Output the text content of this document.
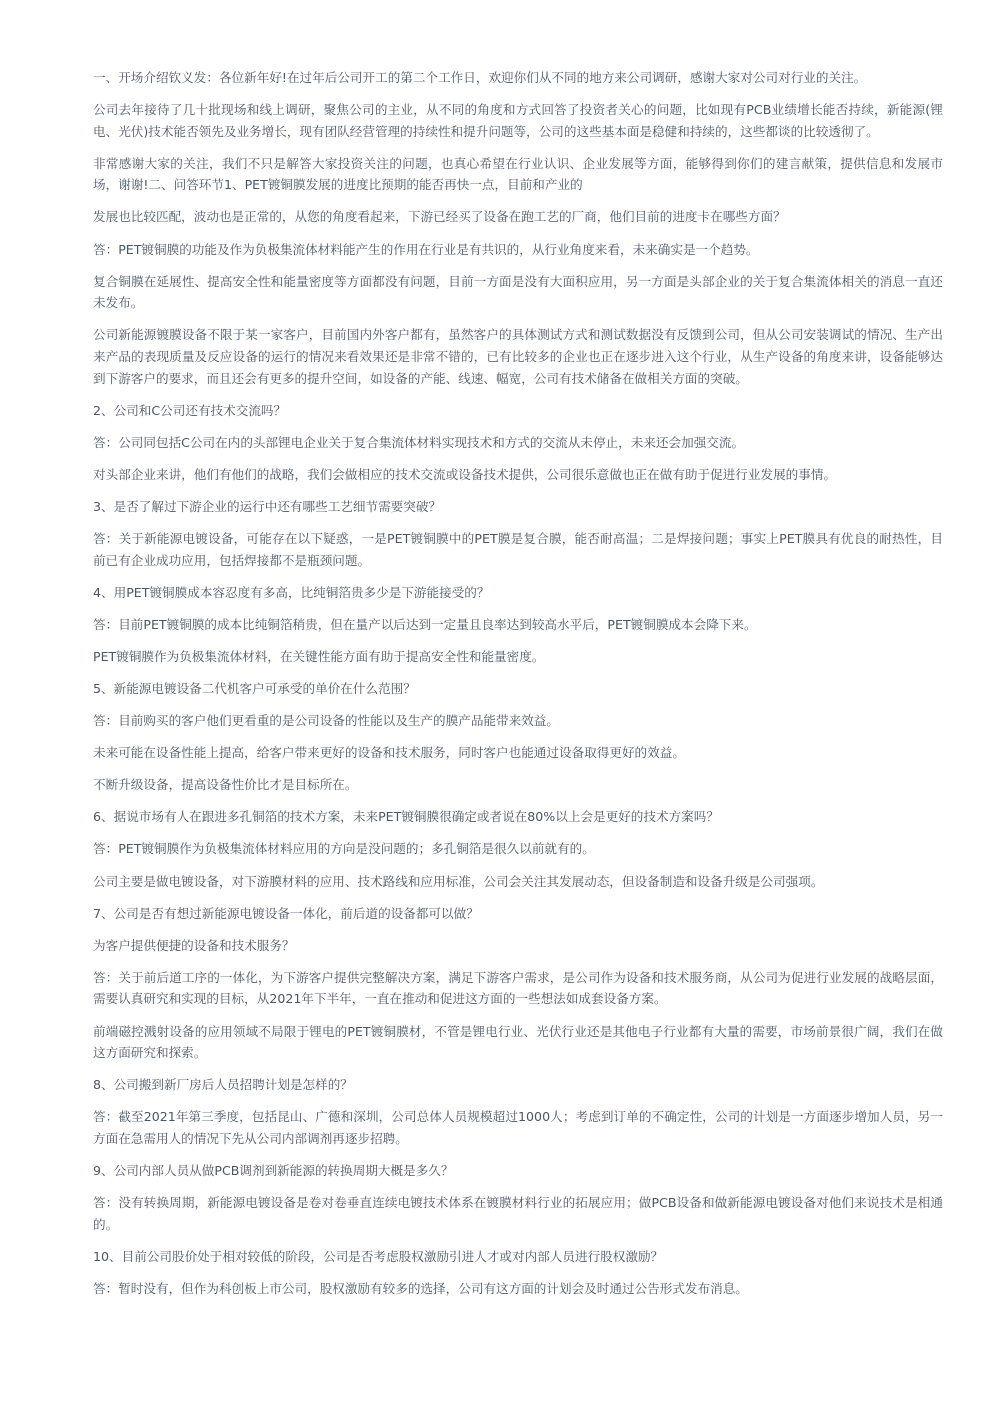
一、开场介绍钦义发：各位新年好!在过年后公司开工的第二个工作日，欢迎你们从不同的地方来公司调研，感谢大家对公司对行业的关注。

公司去年接待了几十批现场和线上调研，聚焦公司的主业，从不同的角度和方式回答了投资者关心的问题，比如现有PCB业绩增长能否持续，新能源(锂电、光伏)技术能否领先及业务增长，现有团队经营管理的持续性和提升问题等，公司的这些基本面是稳健和持续的，这些都谈的比较透彻了。

非常感谢大家的关注，我们不只是解答大家投资关注的问题，也真心希望在行业认识、企业发展等方面，能够得到你们的建言献策，提供信息和发展市场，谢谢!二、问答环节1、PET镀铜膜发展的进度比预期的能否再快一点，目前和产业的

发展也比较匹配，波动也是正常的，从您的角度看起来，下游已经买了设备在跑工艺的厂商，他们目前的进度卡在哪些方面？

答：PET镀铜膜的功能及作为负极集流体材料能产生的作用在行业是有共识的，从行业角度来看，未来确实是一个趋势。

复合铜膜在延展性、提高安全性和能量密度等方面都没有问题，目前一方面是没有大面积应用，另一方面是头部企业的关于复合集流体相关的消息一直还未发布。

公司新能源镀膜设备不限于某一家客户，目前国内外客户都有，虽然客户的具体测试方式和测试数据没有反馈到公司，但从公司安装调试的情况、生产出来产品的表现质量及反应设备的运行的情况来看效果还是非常不错的，已有比较多的企业也正在逐步进入这个行业，从生产设备的角度来讲，设备能够达到下游客户的要求，而且还会有更多的提升空间，如设备的产能、线速、幅宽，公司有技术储备在做相关方面的突破。

2、公司和C公司还有技术交流吗？

答：公司同包括C公司在内的头部锂电企业关于复合集流体材料实现技术和方式的交流从未停止，未来还会加强交流。

对头部企业来讲，他们有他们的战略，我们会做相应的技术交流或设备技术提供，公司很乐意做也正在做有助于促进行业发展的事情。

3、是否了解过下游企业的运行中还有哪些工艺细节需要突破？

答：关于新能源电镀设备，可能存在以下疑惑，一是PET镀铜膜中的PET膜是复合膜，能否耐高温；二是焊接问题；事实上PET膜具有优良的耐热性，目前已有企业成功应用，包括焊接都不是瓶颈问题。

4、用PET镀铜膜成本容忍度有多高，比纯铜箔贵多少是下游能接受的？

答：目前PET镀铜膜的成本比纯铜箔稍贵，但在量产以后达到一定量且良率达到较高水平后，PET镀铜膜成本会降下来。

PET镀铜膜作为负极集流体材料，在关键性能方面有助于提高安全性和能量密度。

5、新能源电镀设备二代机客户可承受的单价在什么范围？

答：目前购买的客户他们更看重的是公司设备的性能以及生产的膜产品能带来效益。

未来可能在设备性能上提高，给客户带来更好的设备和技术服务，同时客户也能通过设备取得更好的效益。

不断升级设备，提高设备性价比才是目标所在。

6、据说市场有人在跟进多孔铜箔的技术方案，未来PET镀铜膜很确定或者说在80%以上会是更好的技术方案吗？

答：PET镀铜膜作为负极集流体材料应用的方向是没问题的；多孔铜箔是很久以前就有的。

公司主要是做电镀设备，对下游膜材料的应用、技术路线和应用标准，公司会关注其发展动态，但设备制造和设备升级是公司强项。

7、公司是否有想过新能源电镀设备一体化，前后道的设备都可以做？

为客户提供便捷的设备和技术服务？

答：关于前后道工序的一体化，为下游客户提供完整解决方案，满足下游客户需求，是公司作为设备和技术服务商，从公司为促进行业发展的战略层面，需要认真研究和实现的目标，从2021年下半年，一直在推动和促进这方面的一些想法如成套设备方案。

前端磁控溅射设备的应用领域不局限于锂电的PET镀铜膜材，不管是锂电行业、光伏行业还是其他电子行业都有大量的需要，市场前景很广阔，我们在做这方面研究和探索。

8、公司搬到新厂房后人员招聘计划是怎样的？

答：截至2021年第三季度，包括昆山、广德和深圳，公司总体人员规模超过1000人；考虑到订单的不确定性，公司的计划是一方面逐步增加人员，另一方面在急需用人的情况下先从公司内部调剂再逐步招聘。

9、公司内部人员从做PCB调剂到新能源的转换周期大概是多久？

答：没有转换周期，新能源电镀设备是卷对卷垂直连续电镀技术体系在镀膜材料行业的拓展应用；做PCB设备和做新能源电镀设备对他们来说技术是相通的。

10、目前公司股价处于相对较低的阶段，公司是否考虑股权激励引进人才或对内部人员进行股权激励？

答：暂时没有，但作为科创板上市公司，股权激励有较多的选择，公司有这方面的计划会及时通过公告形式发布消息。
